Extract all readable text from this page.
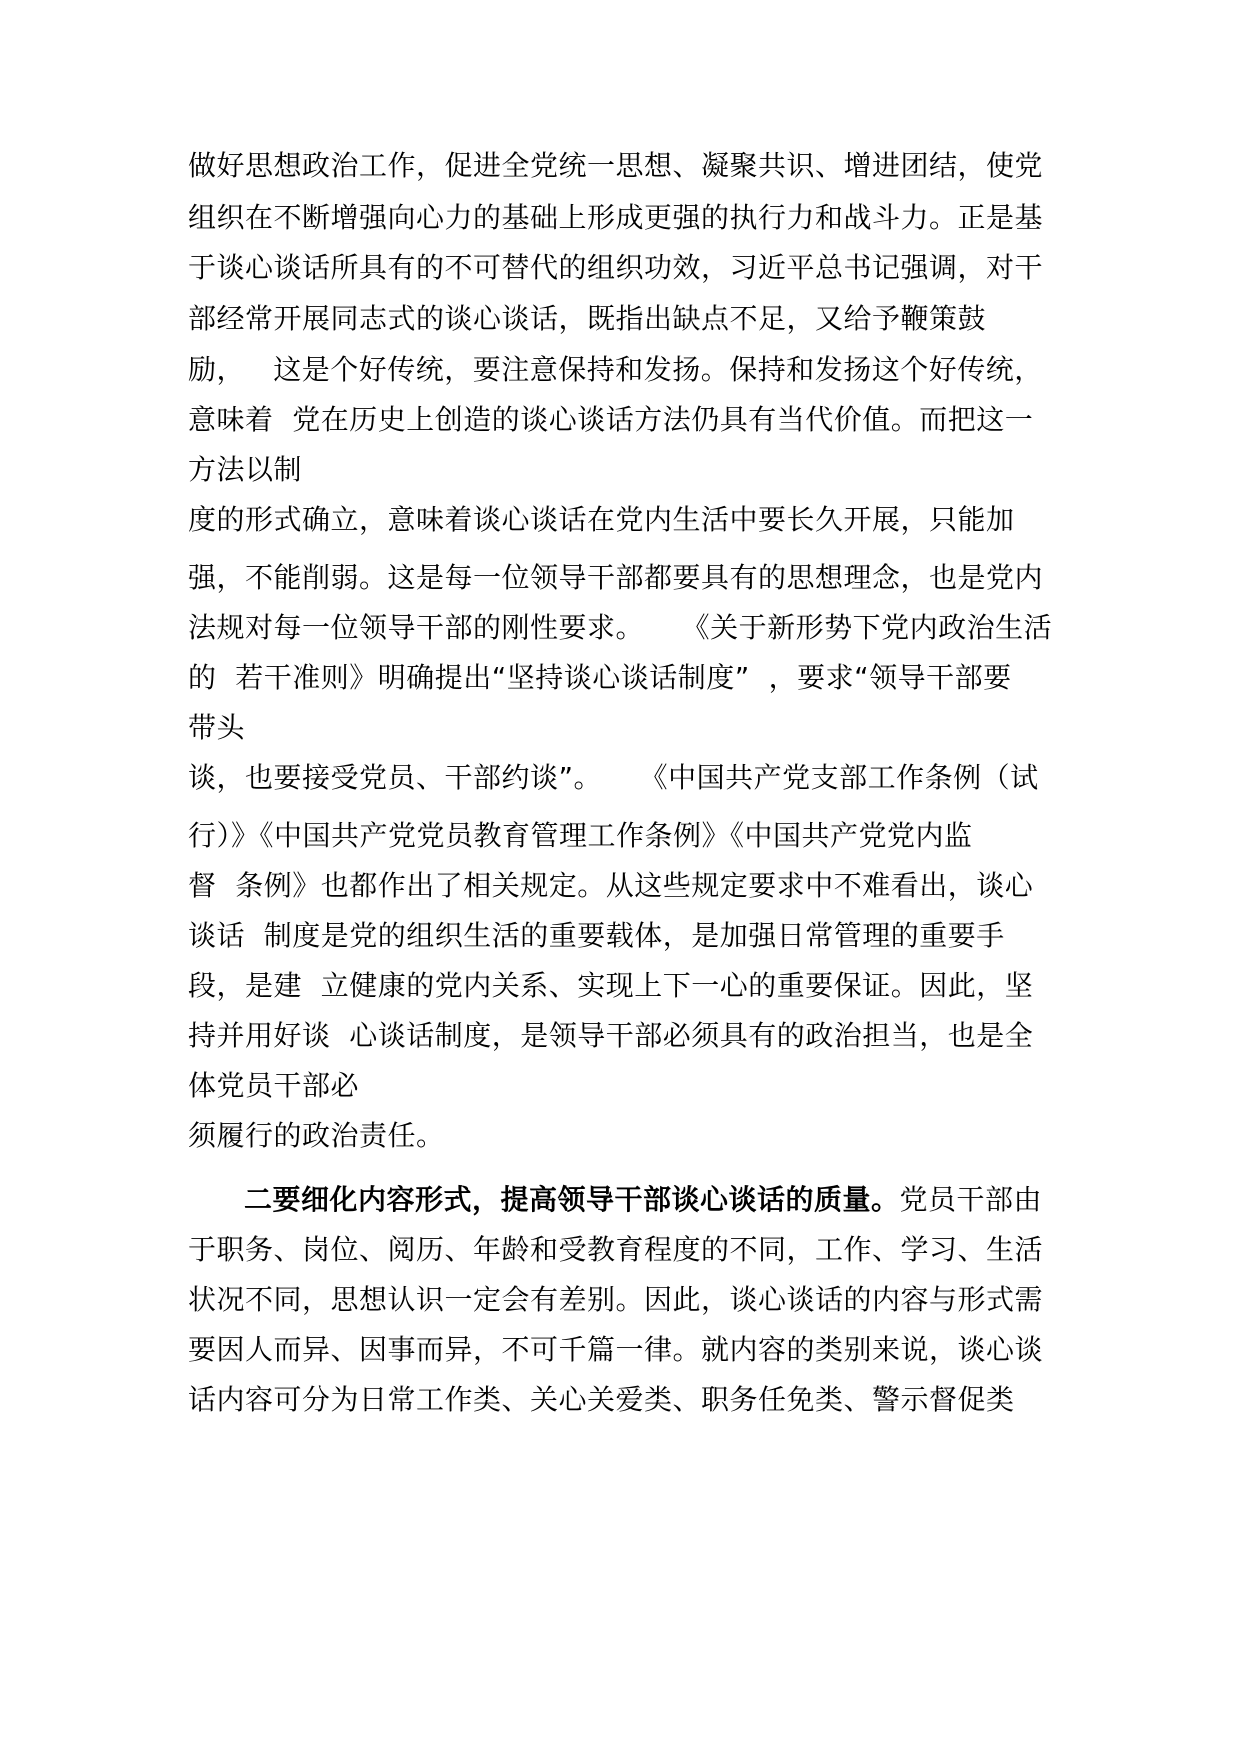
做好思想政治工作，促进全党统一思想、凝聚共识、增进团结，使党
组织在不断增强向心力的基础上形成更强的执行力和战斗力。正是基
于谈心谈话所具有的不可替代的组织功效，习近平总书记强调，对干
部经常开展同志式的谈心谈话，既指出缺点不足，又给予鞭策鼓
励，   这是个好传统，要注意保持和发扬。保持和发扬这个好传统，
意味着  党在历史上创造的谈心谈话方法仍具有当代价值。而把这一
方法以制
度的形式确立，意味着谈心谈话在党内生活中要长久开展，只能加
强，不能削弱。这是每一位领导干部都要具有的思想理念，也是党内
法规对每一位领导干部的刚性要求。    《关于新形势下党内政治生活
的  若干准则》明确提出“坚持谈心谈话制度”  ，要求“领导干部要
带头
谈，也要接受党员、干部约谈”。    《中国共产党支部工作条例（试
行）》《中国共产党党员教育管理工作条例》《中国共产党党内监
督  条例》也都作出了相关规定。从这些规定要求中不难看出，谈心
谈话  制度是党的组织生活的重要载体，是加强日常管理的重要手
段，是建  立健康的党内关系、实现上下一心的重要保证。因此，坚
持并用好谈  心谈话制度，是领导干部必须具有的政治担当，也是全
体党员干部必
须履行的政治责任。
二要细化内容形式，提高领导干部谈心谈话的质量。党员干部由
于职务、岗位、阅历、年龄和受教育程度的不同，工作、学习、生活
状况不同，思想认识一定会有差别。因此，谈心谈话的内容与形式需
要因人而异、因事而异，不可千篇一律。就内容的类别来说，谈心谈
话内容可分为日常工作类、关心关爱类、职务任免类、警示督促类
